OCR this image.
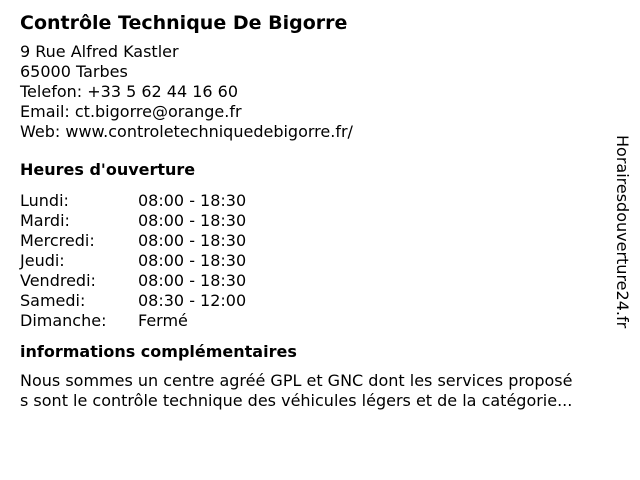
Contrôle Technique De Bigorre
9 Rue Alfred Kastler
65000 Tarbes
Telefon: +33 5 62 44 16 60
Email: ct.bigorre@orange.fr
Web: www.controletechniquedebigorre.fr/
Heures d'ouverture
Lundi:	08:00 - 18:30
Mardi:	08:00 - 18:30
Mercredi:	08:00 - 18:30
Jeudi:	08:00 - 18:30
Vendredi:	08:00 - 18:30
Samedi:	08:30 - 12:00
Dimanche: Fermé
informations complémentaires
Nous sommes un centre agréé GPL et GNC dont les services proposé
s sont le contrôle technique des véhicules légers et de la catégorie...
Horairesdouverture24.fr
